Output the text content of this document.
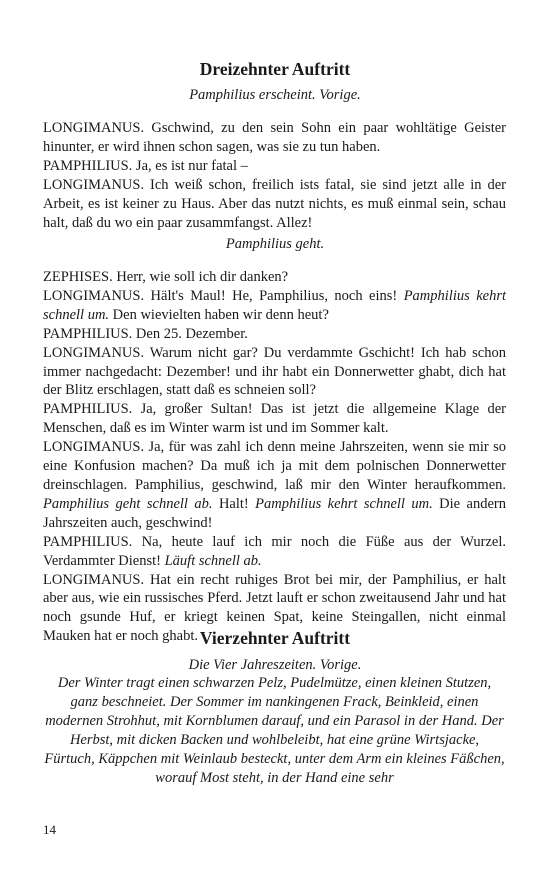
Dreizehnter Auftritt
Pamphilius erscheint. Vorige.

LONGIMANUS. Gschwind, zu den sein Sohn ein paar wohltätige Geister hinunter, er wird ihnen schon sagen, was sie zu tun haben.

PAMPHILIUS. Ja, es ist nur fatal –

LONGIMANUS. Ich weiß schon, freilich ists fatal, sie sind jetzt alle in der Arbeit, es ist keiner zu Haus. Aber das nutzt nichts, es muß einmal sein, schau halt, daß du wo ein paar zusammfangst. Allez!

Pamphilius geht.

ZEPHISES. Herr, wie soll ich dir danken?

LONGIMANUS. Hält's Maul! He, Pamphilius, noch eins! Pamphilius kehrt schnell um. Den wievielten haben wir denn heut?

PAMPHILIUS. Den 25. Dezember.

LONGIMANUS. Warum nicht gar? Du verdammte Gschicht! Ich hab schon immer nachgedacht: Dezember! und ihr habt ein Donnerwetter ghabt, dich hat der Blitz erschlagen, statt daß es schneien soll?

PAMPHILIUS. Ja, großer Sultan! Das ist jetzt die allgemeine Klage der Menschen, daß es im Winter warm ist und im Sommer kalt.

LONGIMANUS. Ja, für was zahl ich denn meine Jahrszeiten, wenn sie mir so eine Konfusion machen? Da muß ich ja mit dem polnischen Donnerwetter dreinschlagen. Pamphilius, geschwind, laß mir den Winter heraufkommen. Pamphilius geht schnell ab. Halt! Pamphilius kehrt schnell um. Die andern Jahrszeiten auch, geschwind!

PAMPHILIUS. Na, heute lauf ich mir noch die Füße aus der Wurzel. Verdammter Dienst! Läuft schnell ab.

LONGIMANUS. Hat ein recht ruhiges Brot bei mir, der Pamphilius, er halt aber aus, wie ein russisches Pferd. Jetzt lauft er schon zweitausend Jahr und hat noch gsunde Huf, er kriegt keinen Spat, keine Steingallen, nicht einmal Mauken hat er noch ghabt. Vierzehnter Auftritt
Die Vier Jahreszeiten. Vorige.

Der Winter tragt einen schwarzen Pelz, Pudelmütze, einen kleinen Stutzen, ganz beschneiet. Der Sommer im nankingenen Frack, Beinkleid, einen modernen Strohhut, mit Kornblumen darauf, und ein Parasol in der Hand. Der Herbst, mit dicken Backen und wohlbeleibt, hat eine grüne Wirtsjacke, Fürtuch, Käppchen mit Weinlaub besteckt, unter dem Arm ein kleines Fäßchen, worauf Most steht, in der Hand eine sehr

14
